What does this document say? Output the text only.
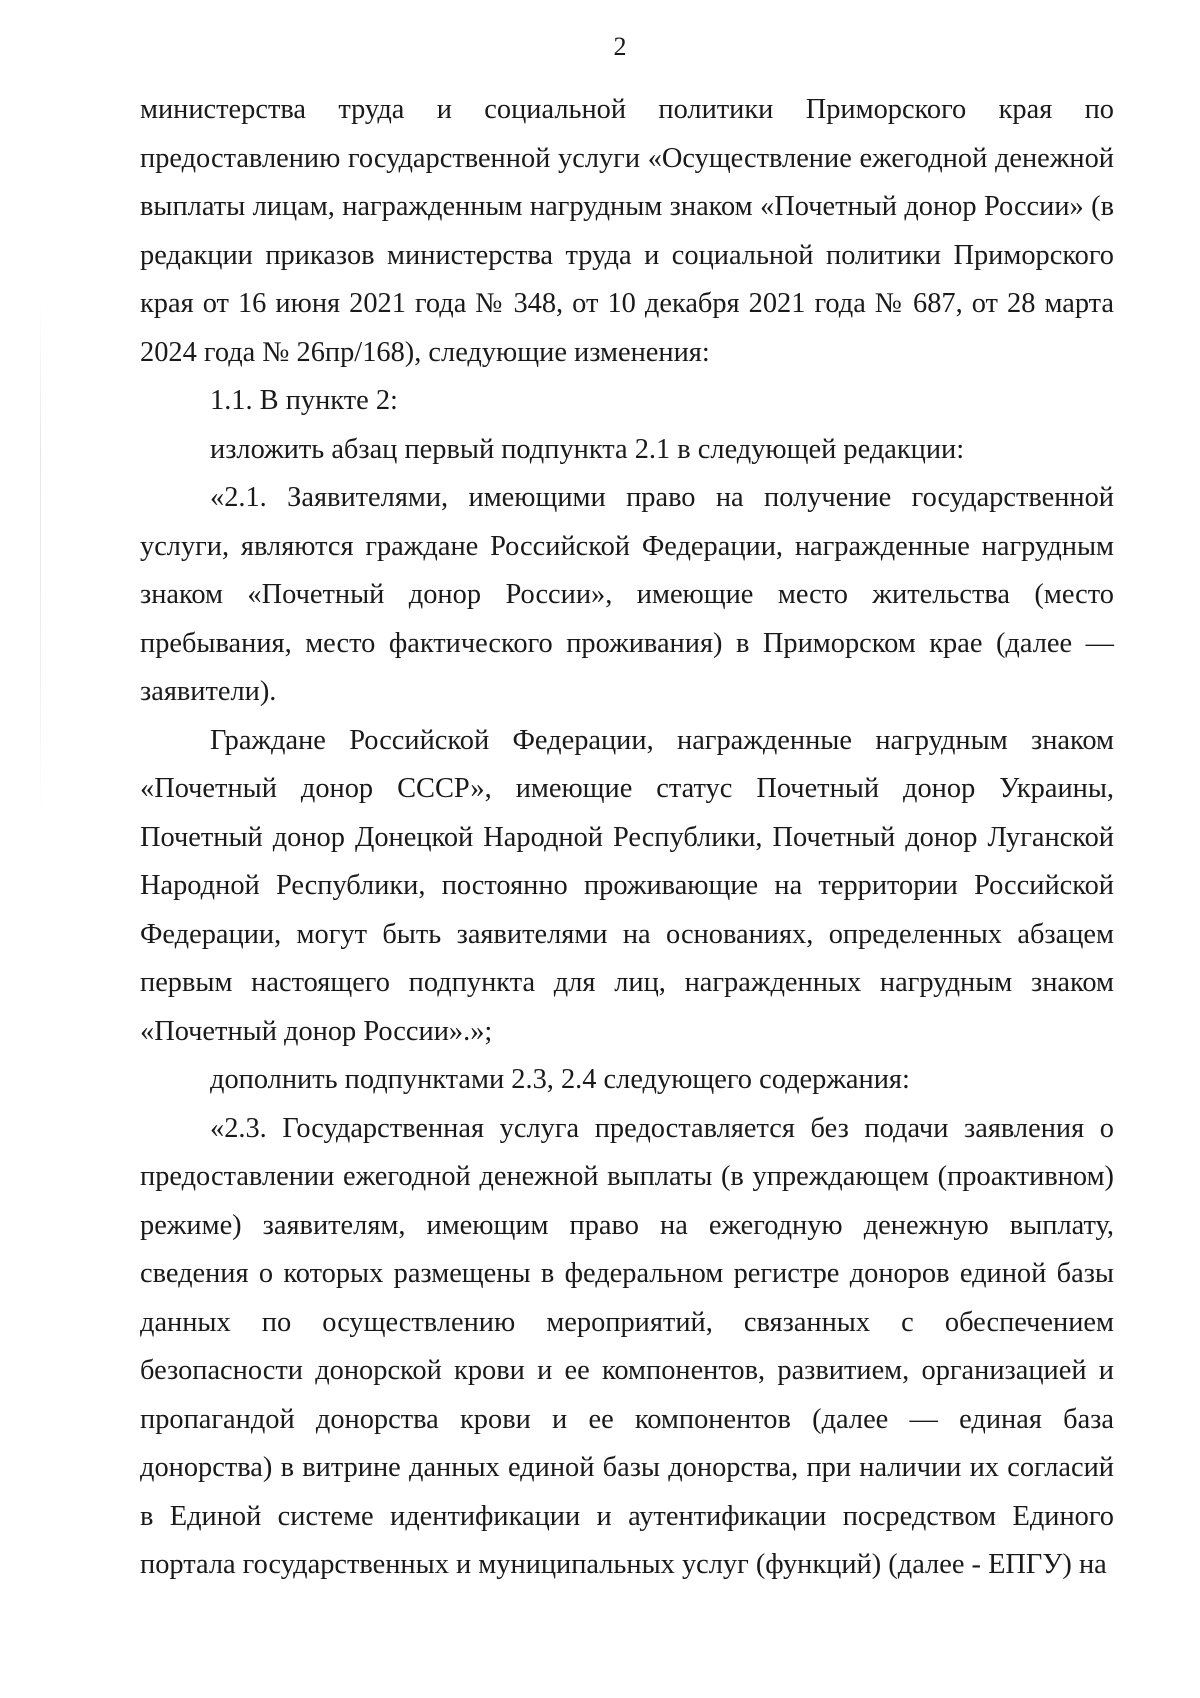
2

министерства труда и социальной политики Приморского края по предоставлению государственной услуги «Осуществление ежегодной денежной выплаты лицам, награжденным нагрудным знаком «Почетный донор России» (в редакции приказов министерства труда и социальной политики Приморского края от 16 июня 2021 года № 348, от 10 декабря 2021 года № 687, от 28 марта 2024 года № 26пр/168), следующие изменения:

1.1. В пункте 2:

изложить абзац первый подпункта 2.1 в следующей редакции:

«2.1. Заявителями, имеющими право на получение государственной услуги, являются граждане Российской Федерации, награжденные нагрудным знаком «Почетный донор России», имеющие место жительства (место пребывания, место фактического проживания) в Приморском крае (далее — заявители).

Граждане Российской Федерации, награжденные нагрудным знаком «Почетный донор СССР», имеющие статус Почетный донор Украины, Почетный донор Донецкой Народной Республики, Почетный донор Луганской Народной Республики, постоянно проживающие на территории Российской Федерации, могут быть заявителями на основаниях, определенных абзацем первым настоящего подпункта для лиц, награжденных нагрудным знаком «Почетный донор России».»;

дополнить подпунктами 2.3, 2.4 следующего содержания:

«2.3. Государственная услуга предоставляется без подачи заявления о предоставлении ежегодной денежной выплаты (в упреждающем (проактивном) режиме) заявителям, имеющим право на ежегодную денежную выплату, сведения о которых размещены в федеральном регистре доноров единой базы данных по осуществлению мероприятий, связанных с обеспечением безопасности донорской крови и ее компонентов, развитием, организацией и пропагандой донорства крови и ее компонентов (далее — единая база донорства) в витрине данных единой базы донорства, при наличии их согласий в Единой системе идентификации и аутентификации посредством Единого портала государственных и муниципальных услуг (функций) (далее - ЕПГУ) на
